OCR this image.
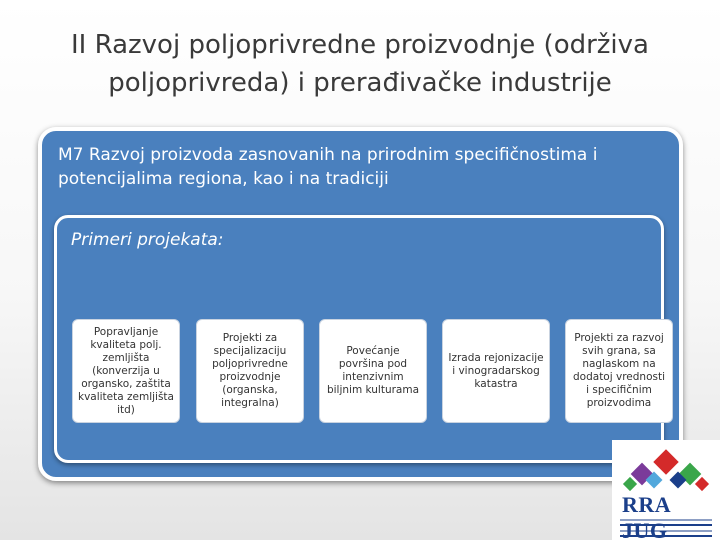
II Razvoj poljoprivredne proizvodnje (održiva poljoprivreda) i prerađivačke industrije
M7 Razvoj proizvoda zasnovanih na prirodnim specifičnostima i potencijalima regiona, kao i na tradiciji
Primeri projekata:
Popravljanje kvaliteta polj. zemljišta (konverzija u organsko, zaštita kvaliteta zemljišta itd)
Projekti za specijalizaciju poljoprivredne proizvodnje (organska, integralna)
Povećanje površina pod intenzivnim biljnim kulturama
Izrada rejonizacije i vinogradarskog katastra
Projekti za razvoj svih grana, sa naglaskom na dodatoj vrednosti i specifičnim proizvodima
RRA JUG
